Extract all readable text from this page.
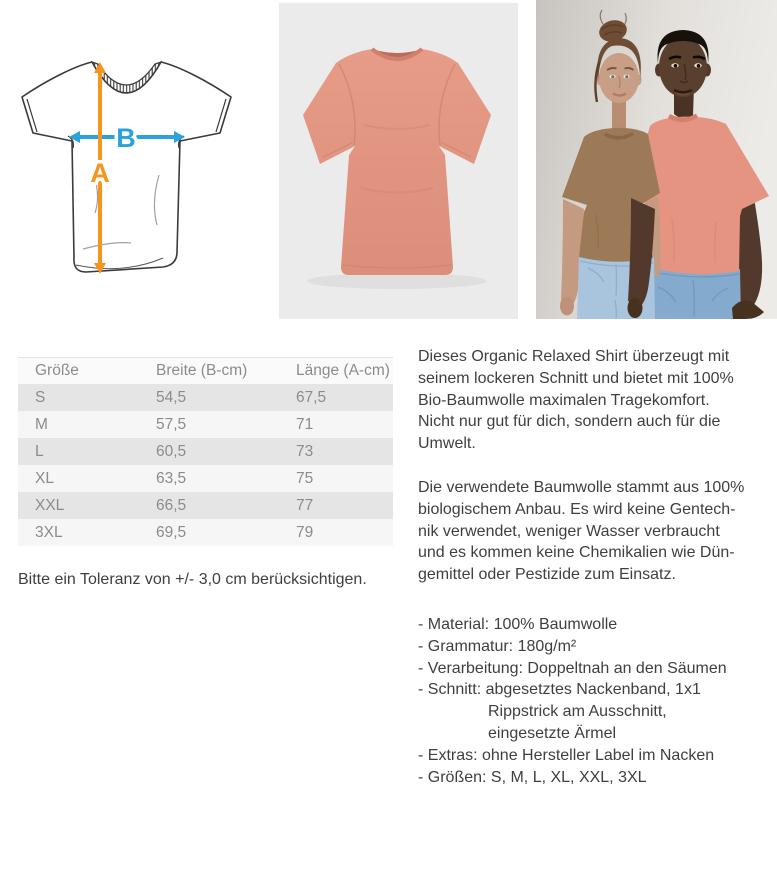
B
A
Größe	Breite (B-cm)	Länge (A-cm)
S	54,5	67,5
M	57,5	71
L	60,5	73
XL	63,5	75
XXL	66,5	77
3XL	69,5	79

Bitte ein Toleranz von +/- 3,0 cm berücksichtigen.

Dieses Organic Relaxed Shirt überzeugt mit
seinem lockeren Schnitt und bietet mit 100%
Bio-Baumwolle maximalen Tragekomfort.
Nicht nur gut für dich, sondern auch für die
Umwelt.
Die verwendete Baumwolle stammt aus 100%
biologischem Anbau. Es wird keine Gentech-
nik verwendet, weniger Wasser verbraucht
und es kommen keine Chemikalien wie Dün-
gemittel oder Pestizide zum Einsatz.
- Material: 100% Baumwolle
- Grammatur: 180g/m²
- Verarbeitung: Doppeltnah an den Säumen
- Schnitt: abgesetztes Nackenband, 1x1
Rippstrick am Ausschnitt,
eingesetzte Ärmel
- Extras: ohne Hersteller Label im Nacken
- Größen: S, M, L, XL, XXL, 3XL
